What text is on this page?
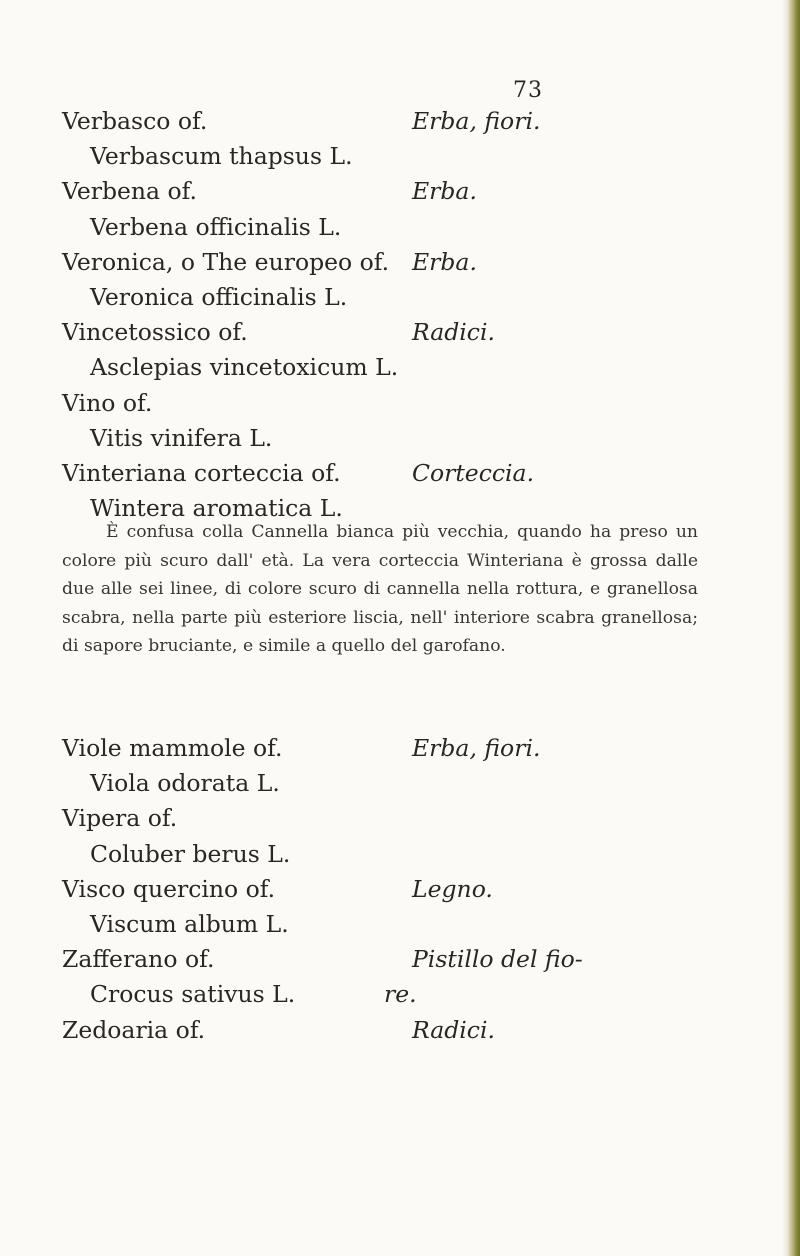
73
Verbasco of.	Erba, fiori.
Verbascum thapsus L.
Verbena of.	Erba.
Verbena officinalis L.
Veronica, o The europeo of. Erba.
Veronica officinalis L.
Vincetossico of.	Radici.
Asclepias vincetoxicum L.
Vino of.
Vitis vinifera L.
Vinteriana corteccia of.	Corteccia.
Wintera aromatica L.
È confusa colla Cannella bianca più vecchia, quando ha preso un colore più scuro dall' età. La vera corteccia Winteriana è grossa dalle due alle sei linee, di colore scuro di cannella nella rottura, e granellosa scabra, nella parte più esteriore liscia, nell' interiore scabra granellosa; di sapore bruciante, e simile a quello del garofano.
Viole mammole of.	Erba, fiori.
Viola odorata L.
Vipera of.
Coluber berus L.
Visco quercino of.	Legno.
Viscum album L.
Zafferano of.	Pistillo del fio-
Crocus sativus L.	re.
Zedoaria of.	Radici.
